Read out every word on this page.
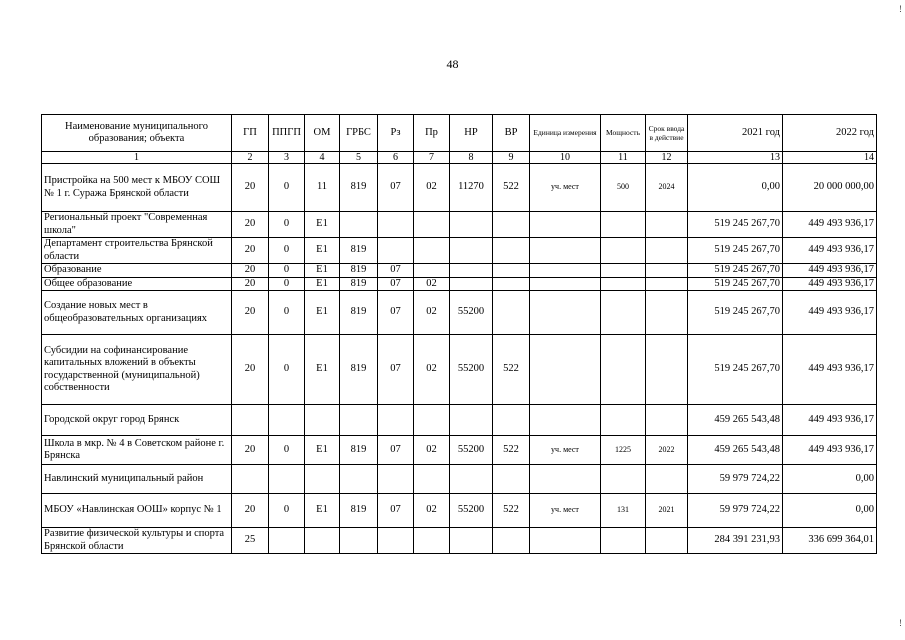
48
!
!
Наименование муниципального образования; объекта	ГП	ППГП	ОМ	ГРБС	Рз	Пр	НР	ВР	Единица измерения	Мощность	Срок ввода в действие	2021 год	2022 год
1	2	3	4	5	6	7	8	9	10	11	12	13	14
Пристройка на 500 мест к МБОУ СОШ № 1 г. Суража Брянской области	20	0	11	819	07	02	11270	522	уч. мест	500	2024	0,00	20 000 000,00
Региональный проект "Современная школа"	20	0	E1									519 245 267,70	449 493 936,17
Департамент строительства Брянской области	20	0	E1	819								519 245 267,70	449 493 936,17
Образование	20	0	E1	819	07							519 245 267,70	449 493 936,17
Общее образование	20	0	E1	819	07	02						519 245 267,70	449 493 936,17
Создание новых мест в общеобразовательных организациях	20	0	E1	819	07	02	55200					519 245 267,70	449 493 936,17
Субсидии на софинансирование капитальных вложений в объекты государственной (муниципальной) собственности	20	0	E1	819	07	02	55200	522				519 245 267,70	449 493 936,17
Городской округ город Брянск												459 265 543,48	449 493 936,17
Школа в мкр. № 4 в Советском районе г. Брянска	20	0	E1	819	07	02	55200	522	уч. мест	1225	2022	459 265 543,48	449 493 936,17
Навлинский муниципальный район												59 979 724,22	0,00
МБОУ «Навлинская ООШ» корпус № 1	20	0	E1	819	07	02	55200	522	уч. мест	131	2021	59 979 724,22	0,00
Развитие физической культуры и спорта Брянской области	25											284 391 231,93	336 699 364,01
